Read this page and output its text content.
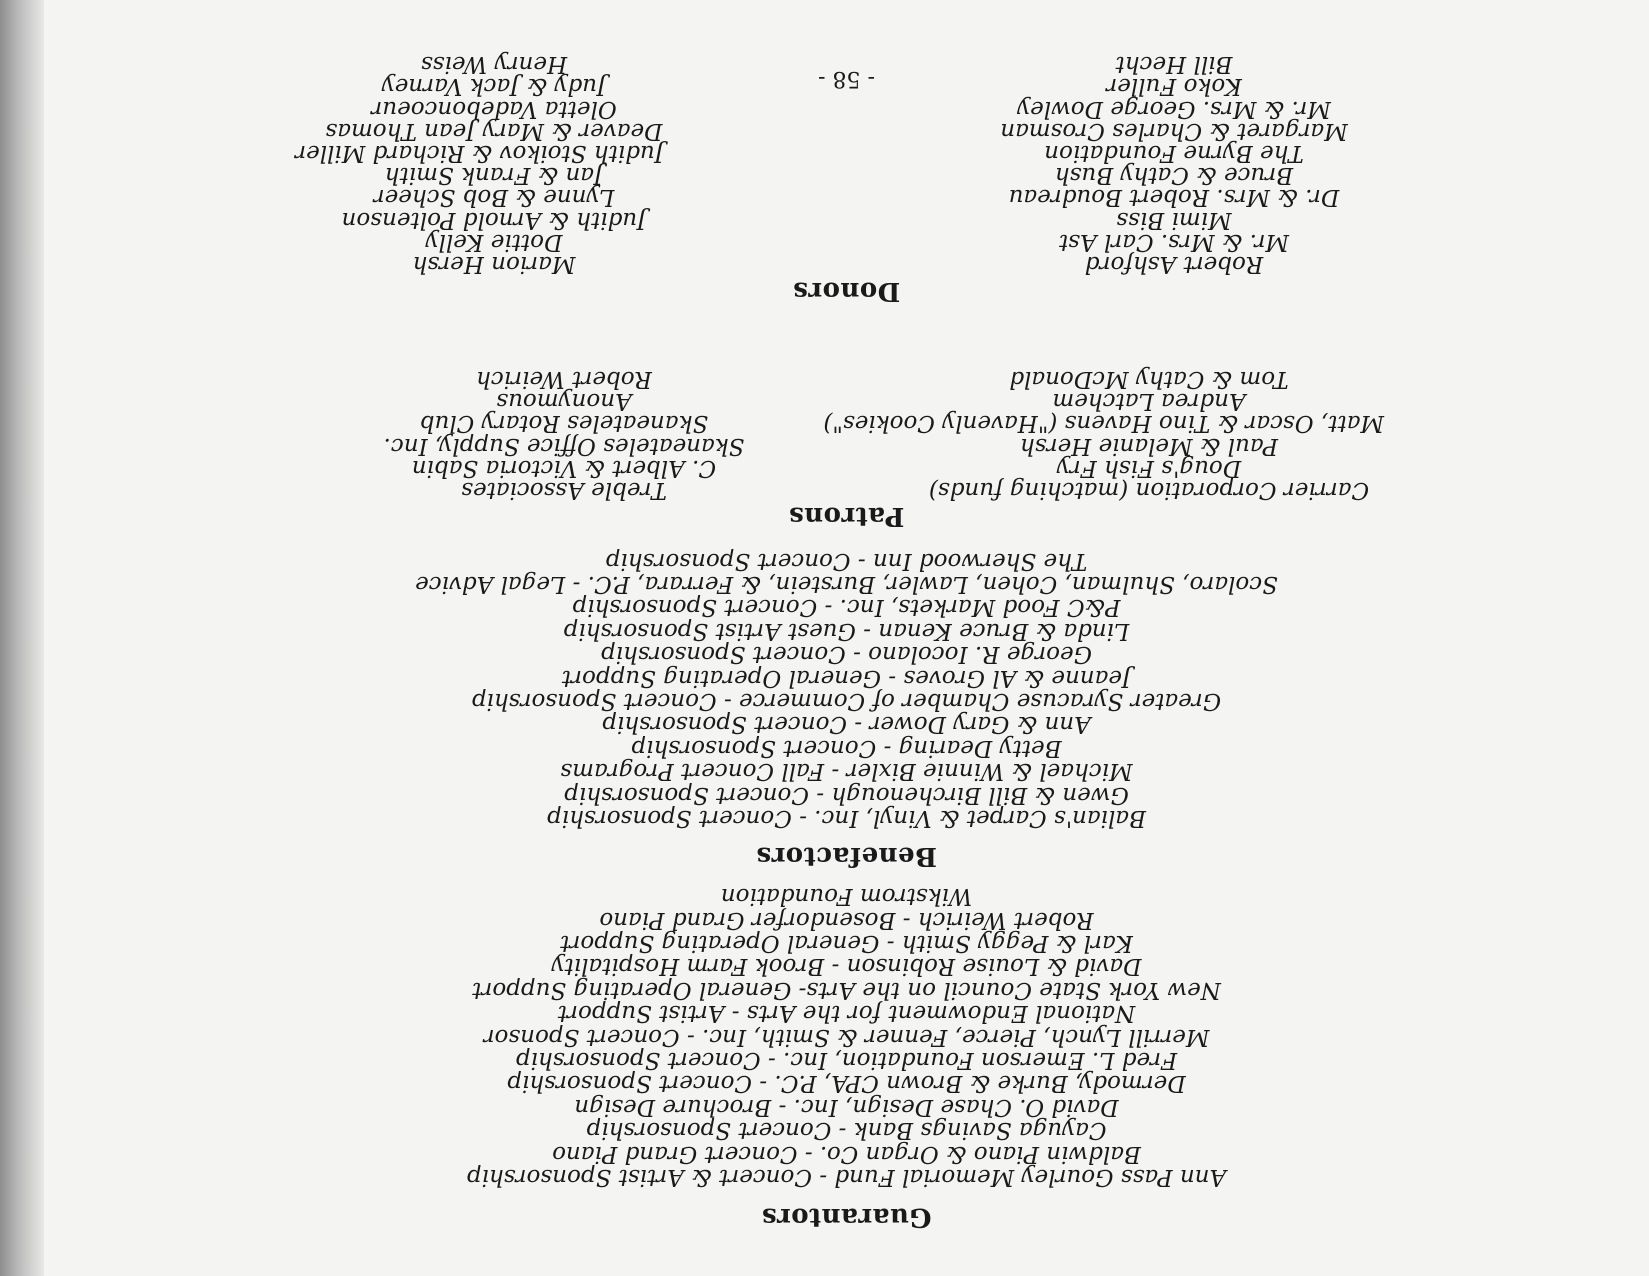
Guarantors
Ann Pass Gourley Memorial Fund - Concert & Artist Sponsorship
Baldwin Piano & Organ Co. - Concert Grand Piano
Cayuga Savings Bank - Concert Sponsorship
David O. Chase Design, Inc. - Brochure Design
Dermody, Burke & Brown CPA, P.C. - Concert Sponsorship
Fred L. Emerson Foundation, Inc. - Concert Sponsorship
Merrill Lynch, Pierce, Fenner & Smith, Inc. - Concert Sponsor
National Endowment for the Arts - Artist Support
New York State Council on the Arts- General Operating Support
David & Louise Robinson - Brook Farm Hospitality
Karl & Peggy Smith - General Operating Support
Robert Weirich - Bosendorfer Grand Piano
Wikstrom Foundation
Benefactors
Balian's Carpet & Vinyl, Inc. - Concert Sponsorship
Gwen & Bill Birchenough - Concert Sponsorship
Michael & Winnie Bixler - Fall Concert Programs
Betty Dearing - Concert Sponsorship
Ann & Gary Dower - Concert Sponsorship
Greater Syracuse Chamber of Commerce - Concert Sponsorship
Jeanne & Al Groves - General Operating Support
George R. Iocolano - Concert Sponsorship
Linda & Bruce Kenan - Guest Artist Sponsorship
P&C Food Markets, Inc. - Concert Sponsorship
Scolaro, Shulman, Cohen, Lawler, Burstein, & Ferrara, P.C. - Legal Advice
The Sherwood Inn - Concert Sponsorship
Patrons
Carrier Corporation (matching funds)
Doug's Fish Fry
Paul & Melanie Hersh
Matt, Oscar & Tino Havens ("Havenly Cookies")
Andrea Latchem
Tom & Cathy McDonald
Treble Associates
C. Albert & Victoria Sabin
Skaneateles Office Supply, Inc.
Skaneateles Rotary Club
Anonymous
Robert Weirich
Donors
Robert Ashford
Mr. & Mrs. Carl Ast
Mimi Biss
Dr. & Mrs. Robert Boudreau
Bruce & Cathy Bush
The Byrne Foundation
Margaret & Charles Crosman
Mr. & Mrs. George Dowley
Koko Fuller
Bill Hecht
Marion Hersh
Dottie Kelly
Judith & Arnold Poltenson
Lynne & Bob Scheer
Jan & Frank Smith
Judith Stoikov & Richard Miller
Deaver & Mary Jean Thomas
Oletta Vadeboncoeur
Judy & Jack Varney
Henry Weiss
- 58 -
